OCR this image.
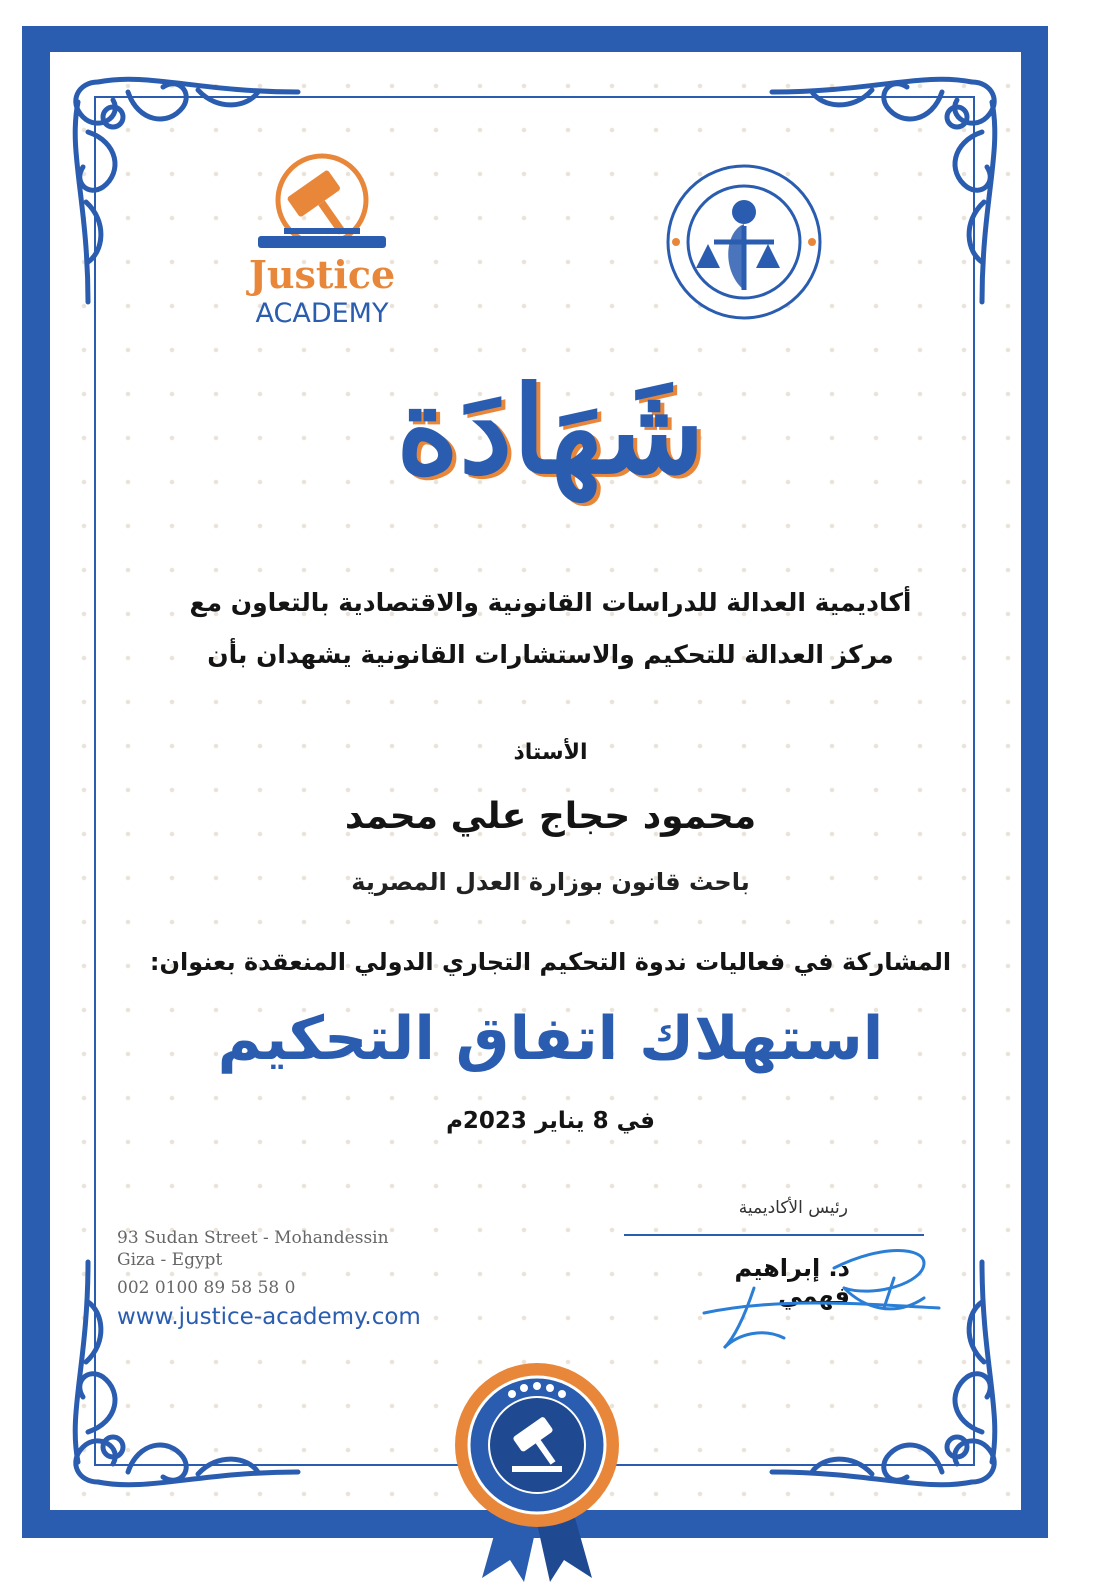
Justice
ACADEMY
شَهَادَة
أكاديمية العدالة للدراسات القانونية والاقتصادية بالتعاون مع
مركز العدالة للتحكيم والاستشارات القانونية يشهدان بأن
الأستاذ
محمود حجاج علي محمد
باحث قانون بوزارة العدل المصرية
المشاركة في فعاليات ندوة التحكيم التجاري الدولي المنعقدة بعنوان:
استهلاك اتفاق التحكيم
في 8 يناير 2023م
93 Sudan Street - Mohandessin
Giza - Egypt
002 0100 89 58 58 0
www.justice-academy.com
رئيس الأكاديمية
د. إبراهيم فهمي
